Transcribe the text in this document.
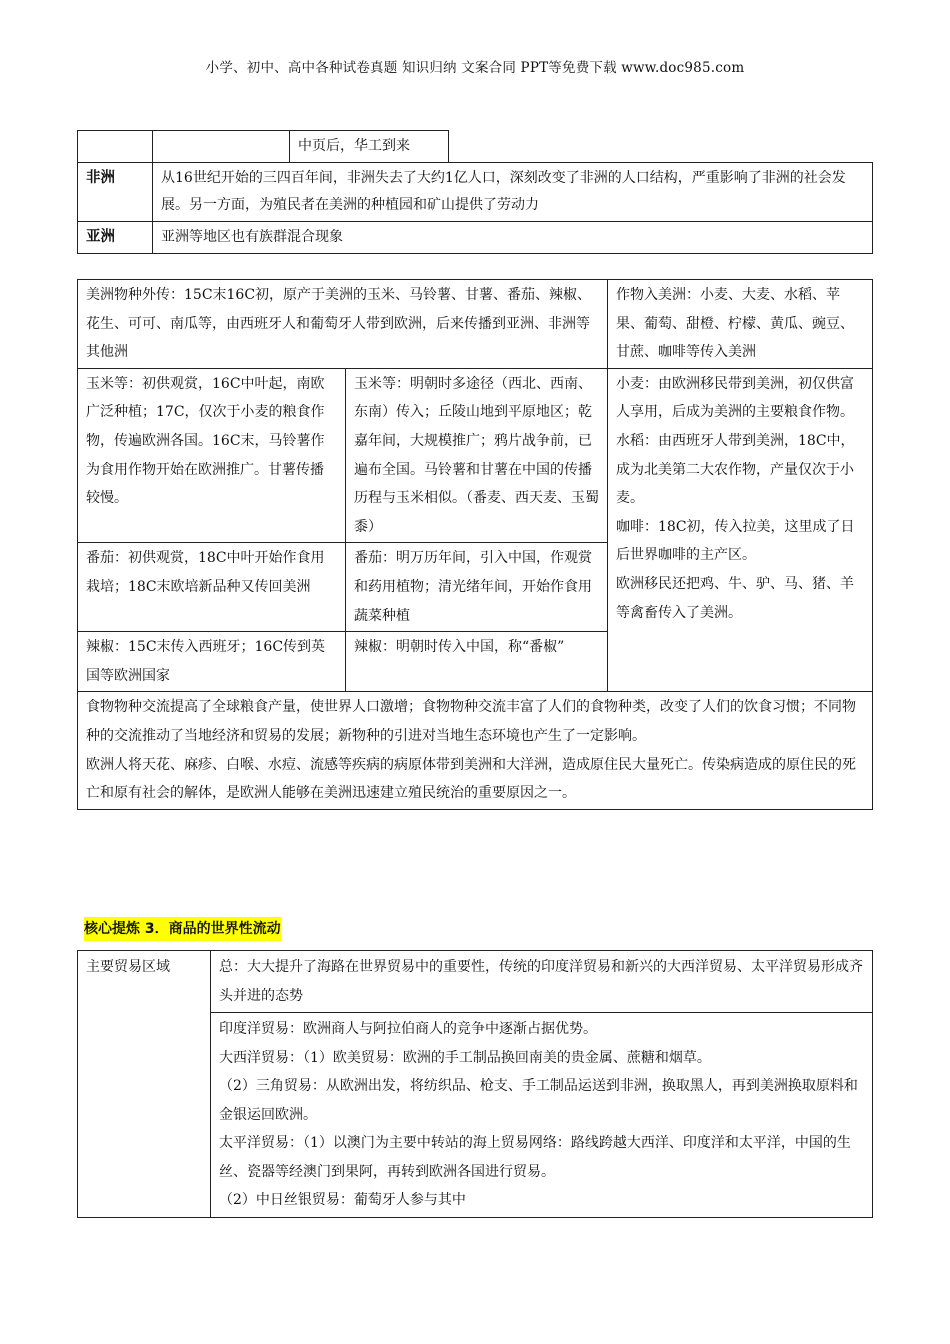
小学、初中、高中各种试卷真题 知识归纳 文案合同 PPT等免费下载 www.doc985.com
		中页后，华工到来	
非洲	从16世纪开始的三四百年间，非洲失去了大约1亿人口，深刻改变了非洲的人口结构，严重影响了非洲的社会发展。另一方面，为殖民者在美洲的种植园和矿山提供了劳动力		
亚洲	亚洲等地区也有族群混合现象		
美洲物种外传：15C末16C初，原产于美洲的玉米、马铃薯、甘薯、番茄、辣椒、花生、可可、南瓜等，由西班牙人和葡萄牙人带到欧洲，后来传播到亚洲、非洲等其他洲		作物入美洲：小麦、大麦、水稻、苹果、葡萄、甜橙、柠檬、黄瓜、豌豆、甘蔗、咖啡等传入美洲
玉米等：初供观赏，16C中叶起，南欧广泛种植；17C，仅次于小麦的粮食作物，传遍欧洲各国。16C末，马铃薯作为食用作物开始在欧洲推广。甘薯传播较慢。	玉米等：明朝时多途径（西北、西南、东南）传入；丘陵山地到平原地区；乾嘉年间，大规模推广；鸦片战争前，已遍布全国。马铃薯和甘薯在中国的传播历程与玉米相似。（番麦、西天麦、玉蜀黍）	小麦：由欧洲移民带到美洲，初仅供富人享用，后成为美洲的主要粮食作物。
水稻：由西班牙人带到美洲，18C中，成为北美第二大农作物，产量仅次于小麦。
咖啡：18C初，传入拉美，这里成了日后世界咖啡的主产区。
欧洲移民还把鸡、牛、驴、马、猪、羊等禽畜传入了美洲。

番茄：初供观赏，18C中叶开始作食用栽培；18C末欧培新品种又传回美洲	番茄：明万历年间，引入中国，作观赏和药用植物；清光绪年间，开始作食用蔬菜种植	
辣椒：15C末传入西班牙；16C传到英国等欧洲国家	辣椒：明朝时传入中国，称“番椒”	

食物物种交流提高了全球粮食产量，使世界人口激增；食物物种交流丰富了人们的食物种类，改变了人们的饮食习惯；不同物种的交流推动了当地经济和贸易的发展；新物种的引进对当地生态环境也产生了一定影响。
欧洲人将天花、麻疹、白喉、水痘、流感等疾病的病原体带到美洲和大洋洲，造成原住民大量死亡。传染病造成的原住民的死亡和原有社会的解体，是欧洲人能够在美洲迅速建立殖民统治的重要原因之一。		
核心提炼 3．商品的世界性流动
主要贸易区域	总：大大提升了海路在世界贸易中的重要性，传统的印度洋贸易和新兴的大西洋贸易、太平洋贸易形成齐头并进的态势

印度洋贸易：欧洲商人与阿拉伯商人的竞争中逐渐占据优势。
大西洋贸易：（1）欧美贸易：欧洲的手工制品换回南美的贵金属、蔗糖和烟草。
（2）三角贸易：从欧洲出发，将纺织品、枪支、手工制品运送到非洲，换取黑人，再到美洲换取原料和金银运回欧洲。
太平洋贸易：（1）以澳门为主要中转站的海上贸易网络：路线跨越大西洋、印度洋和太平洋，中国的生丝、瓷器等经澳门到果阿，再转到欧洲各国进行贸易。
（2）中日丝银贸易：葡萄牙人参与其中
